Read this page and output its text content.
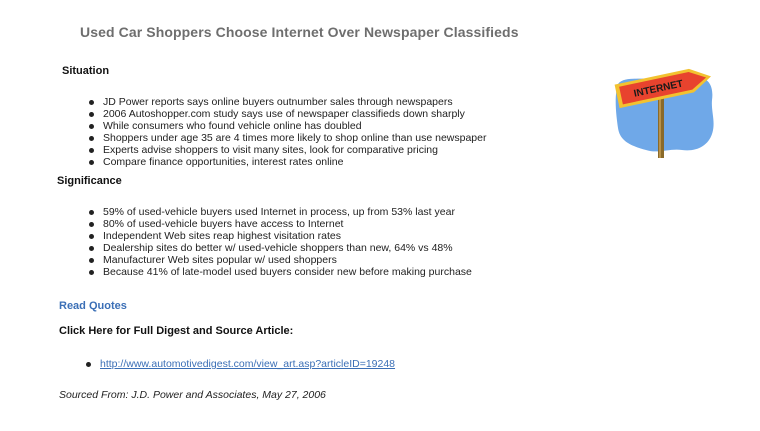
Used Car Shoppers Choose Internet Over Newspaper Classifieds
Situation
JD Power reports says online buyers outnumber sales through newspapers
2006 Autoshopper.com study says use of newspaper classifieds down sharply
While consumers who found vehicle online has doubled
Shoppers under age 35 are 4 times more likely to shop online than use newspaper
Experts advise shoppers to visit many sites, look for comparative pricing
Compare finance opportunities, interest rates online
Significance
59% of used-vehicle buyers used Internet in process, up from 53% last year
80% of used-vehicle buyers have access to Internet
Independent Web sites reap highest visitation rates
Dealership sites do better w/ used-vehicle shoppers than new, 64% vs 48%
Manufacturer Web sites popular w/ used shoppers
Because 41% of late-model used buyers consider new before making purchase
Read Quotes
Click Here for Full Digest and Source Article:
http://www.automotivedigest.com/view_art.asp?articleID=19248
Sourced From: J.D. Power and Associates, May 27, 2006
INTERNET
